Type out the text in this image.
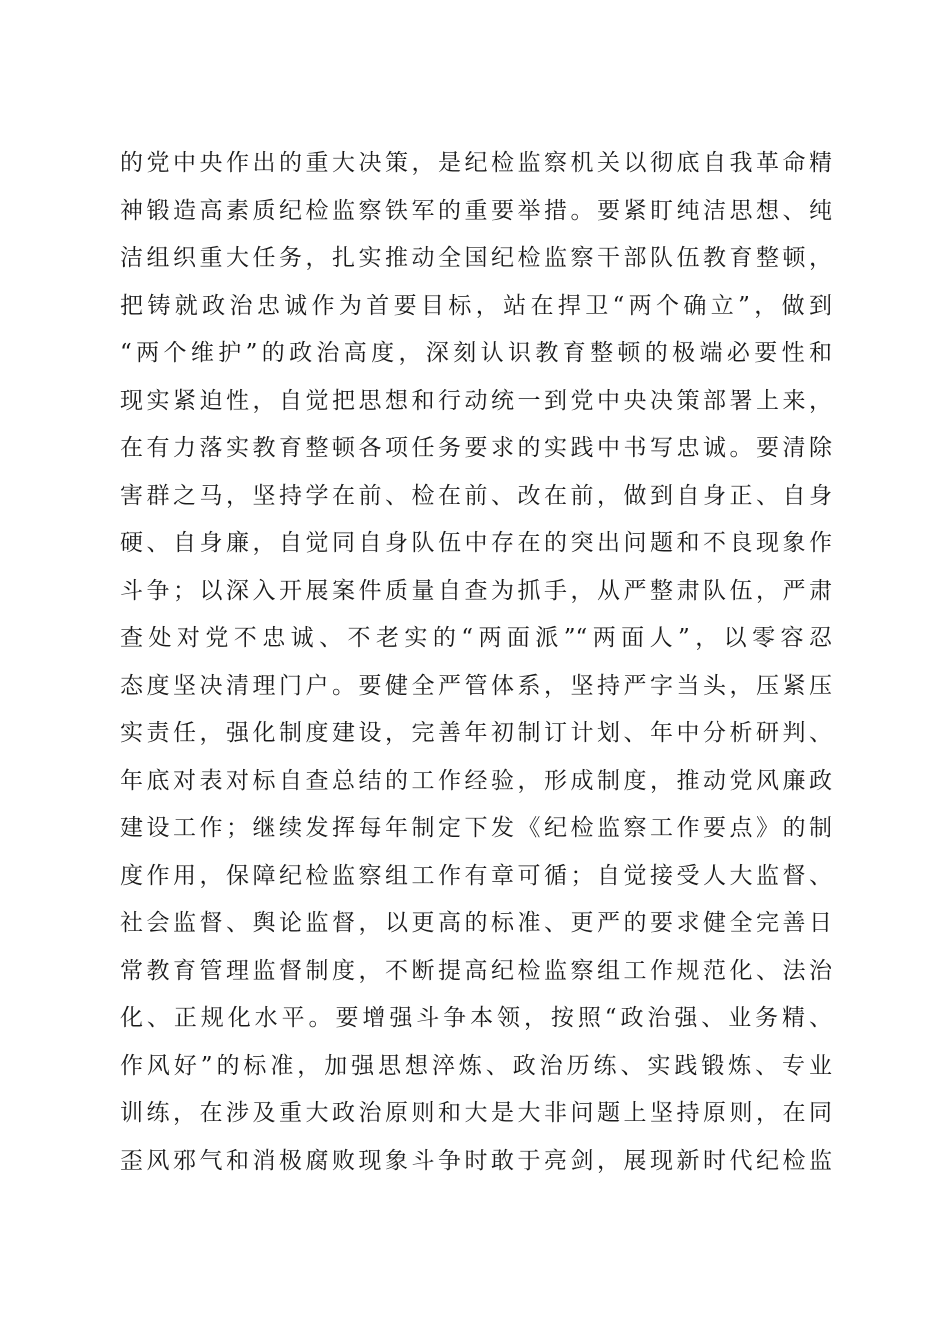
的党中央作出的重大决策，是纪检监察机关以彻底自我革命精
神锻造高素质纪检监察铁军的重要举措。要紧盯纯洁思想、纯
洁组织重大任务，扎实推动全国纪检监察干部队伍教育整顿，
把铸就政治忠诚作为首要目标，站在捍卫“两个确立”，做到
“两个维护”的政治高度，深刻认识教育整顿的极端必要性和
现实紧迫性，自觉把思想和行动统一到党中央决策部署上来，
在有力落实教育整顿各项任务要求的实践中书写忠诚。要清除
害群之马，坚持学在前、检在前、改在前，做到自身正、自身
硬、自身廉，自觉同自身队伍中存在的突出问题和不良现象作
斗争；以深入开展案件质量自查为抓手，从严整肃队伍，严肃
查处对党不忠诚、不老实的“两面派”“两面人”，以零容忍
态度坚决清理门户。要健全严管体系，坚持严字当头，压紧压
实责任，强化制度建设，完善年初制订计划、年中分析研判、
年底对表对标自查总结的工作经验，形成制度，推动党风廉政
建设工作；继续发挥每年制定下发《纪检监察工作要点》的制
度作用，保障纪检监察组工作有章可循；自觉接受人大监督、
社会监督、舆论监督，以更高的标准、更严的要求健全完善日
常教育管理监督制度，不断提高纪检监察组工作规范化、法治
化、正规化水平。要增强斗争本领，按照“政治强、业务精、
作风好”的标准，加强思想淬炼、政治历练、实践锻炼、专业
训练，在涉及重大政治原则和大是大非问题上坚持原则，在同
歪风邪气和消极腐败现象斗争时敢于亮剑，展现新时代纪检监
